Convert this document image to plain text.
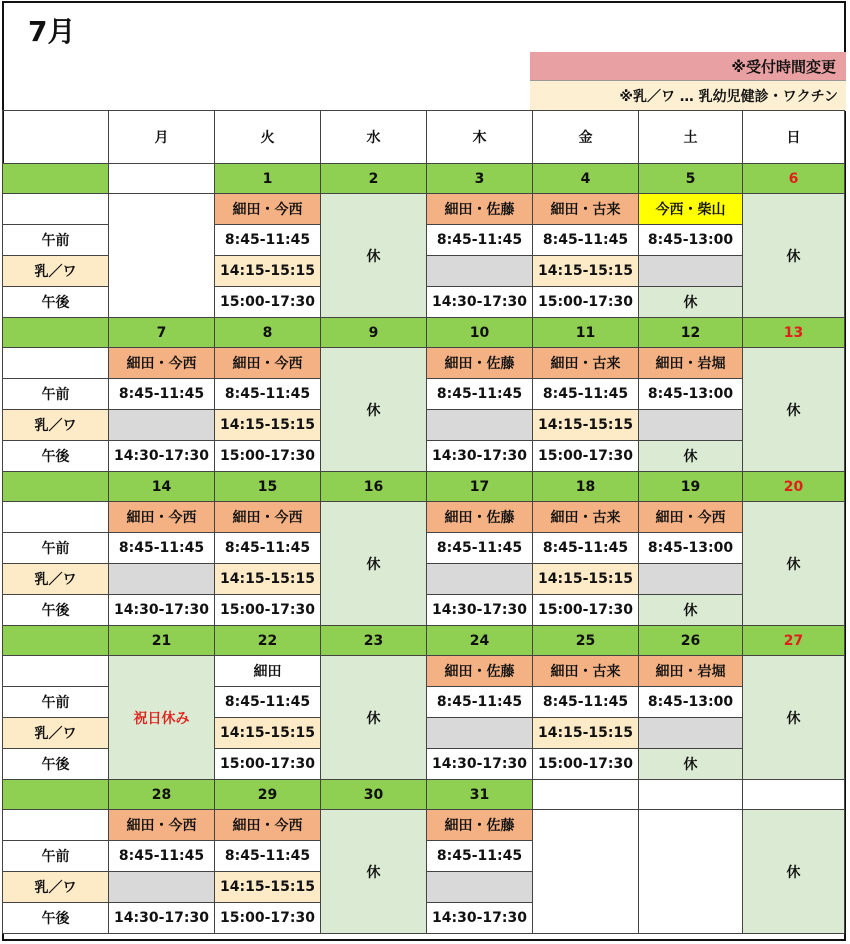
7月
※受付時間変更
※乳／ワ … 乳幼児健診・ワクチン
	月	火	水	木	金	土	日
		1	2	3	4	5	6
		細田・今西	休	細田・佐藤	細田・古来	今西・柴山	休
午前		8:45-11:45		8:45-11:45	8:45-11:45	8:45-13:00	
乳／ワ		14:15-15:15			14:15-15:15		
午後		15:00-17:30		14:30-17:30	15:00-17:30	休	
	7	8	9	10	11	12	13
	細田・今西	細田・今西	休	細田・佐藤	細田・古来	細田・岩堀	休
午前	8:45-11:45	8:45-11:45		8:45-11:45	8:45-11:45	8:45-13:00	
乳／ワ		14:15-15:15			14:15-15:15		
午後	14:30-17:30	15:00-17:30		14:30-17:30	15:00-17:30	休	
	14	15	16	17	18	19	20
	細田・今西	細田・今西	休	細田・佐藤	細田・古来	細田・今西	休
午前	8:45-11:45	8:45-11:45		8:45-11:45	8:45-11:45	8:45-13:00	
乳／ワ		14:15-15:15			14:15-15:15		
午後	14:30-17:30	15:00-17:30		14:30-17:30	15:00-17:30	休	
	21	22	23	24	25	26	27
	祝日休み	細田	休	細田・佐藤	細田・古来	細田・岩堀	休
午前		8:45-11:45		8:45-11:45	8:45-11:45	8:45-13:00	
乳／ワ		14:15-15:15			14:15-15:15		
午後		15:00-17:30		14:30-17:30	15:00-17:30	休	
	28	29	30	31			
	細田・今西	細田・今西	休	細田・佐藤			休
午前	8:45-11:45	8:45-11:45		8:45-11:45			
乳／ワ		14:15-15:15					
午後	14:30-17:30	15:00-17:30		14:30-17:30			
